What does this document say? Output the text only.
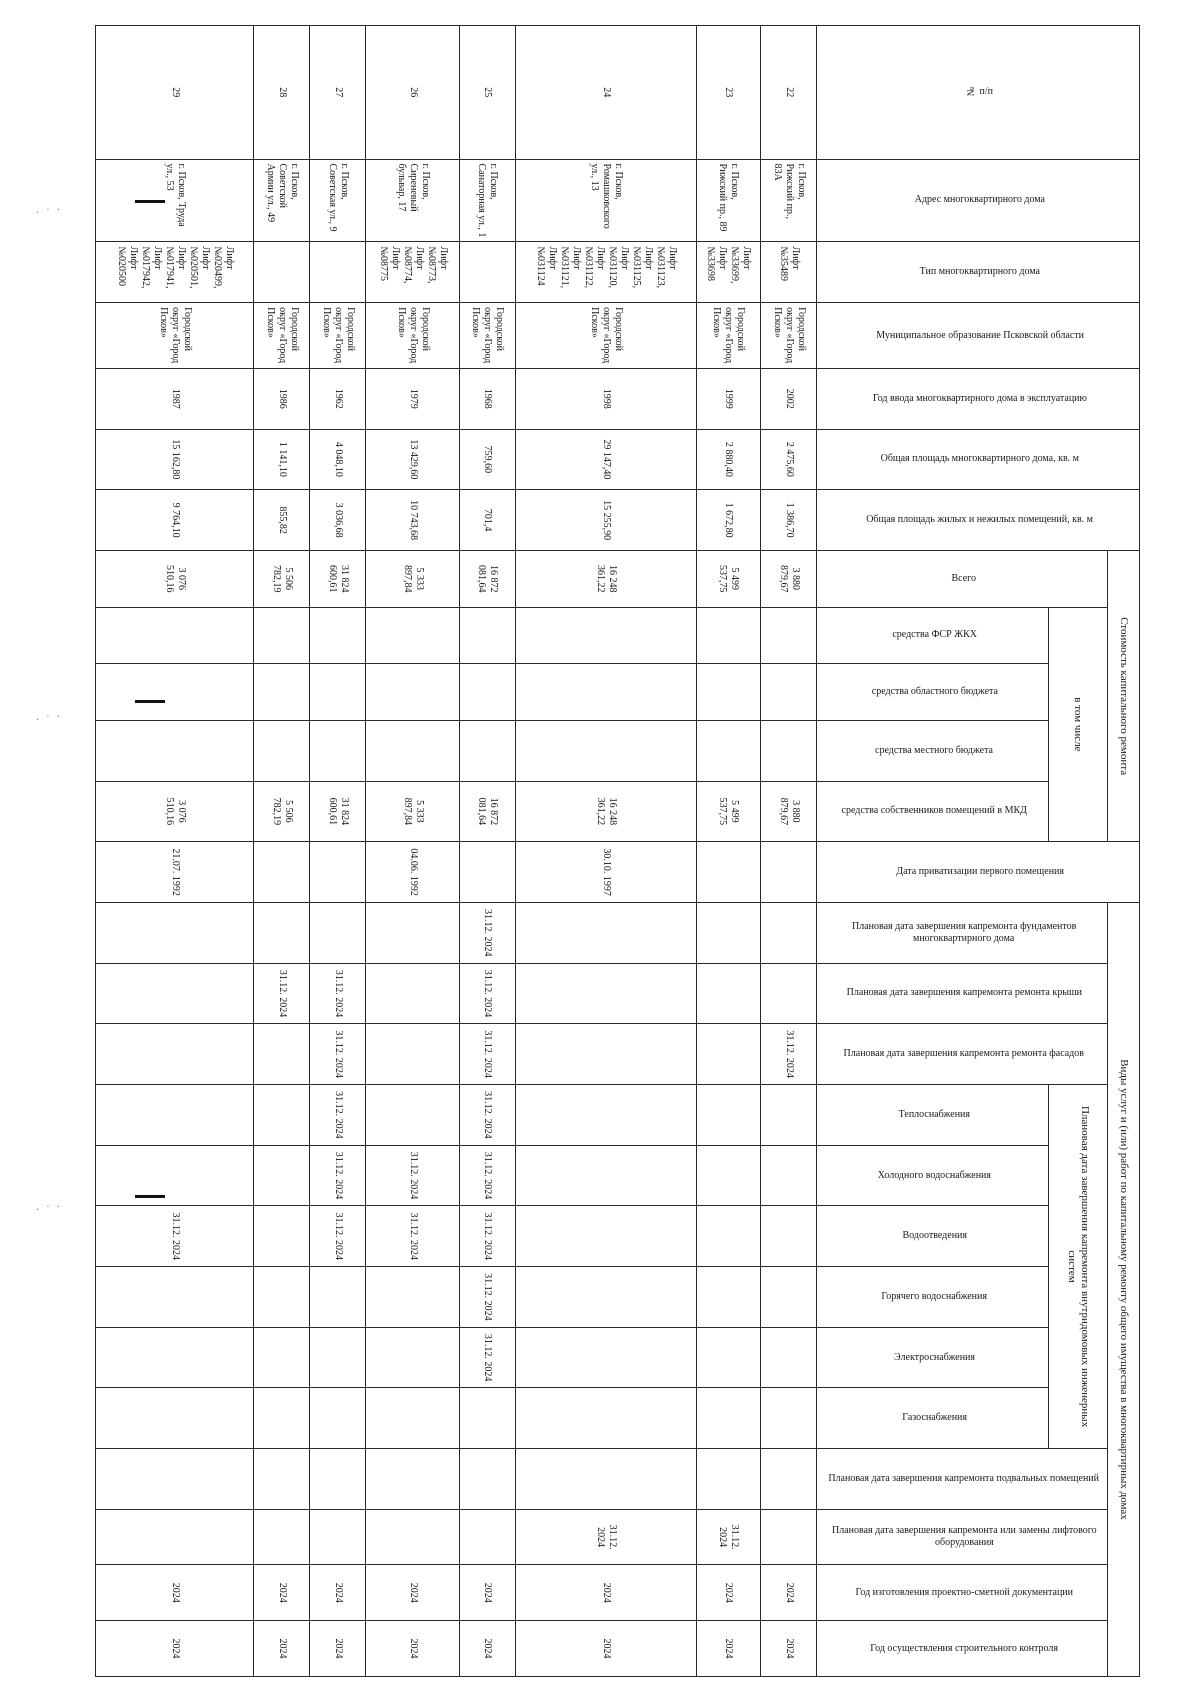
№ п/п	Адрес многоквартирного дома	Тип многоквартирного дома	Муниципальное образование Псковской области	Год ввода многоквартирного дома в эксплуатацию	Общая площадь многоквартирного дома, кв. м	Общая площадь жилых и нежилых помещений, кв. м	Стоимость капитального ремонта					Дата приватизации первого помещения	Виды услуг и (или) работ по капитальному ремонту общего имущества в многоквартирных домах												
							Всего	в том числе					Плановая дата завершения капремонта фундаментов многоквартирного дома	Плановая дата завершения капремонта ремонта крыши	Плановая дата завершения капремонта ремонта фасадов	Плановая дата завершения капремонта внутридомовых инженерных систем						Плановая дата завершения капремонта подвальных помещений	Плановая дата завершения капремонта или замены лифтового оборудования	Год изготовления проектно-сметной документации	Год осуществления строительного контроля
								средства ФСР ЖКХ	средства областного бюджета	средства местного бюджета	средства собственников помещений в МКД					Теплоснабжения	Холодного водоснабжения	Водоотведения	Горячего водоснабжения	Электроснабжения	Газоснабжения				
22	г. Псков, Рижский пр., 83А	Лифт №35489	Городской округ «Город Псков»	2002	2 475,60	1 386,70	3 880 879,67				3 880 879,67				31.12. 2024									2024	2024
23	г. Псков, Рижский пр., 89	Лифт №33699, Лифт №33698	Городской округ «Город Псков»	1999	2 880,40	1 672,80	5 499 537,75				5 499 537,75												31.12. 2024	2024	2024
24	г. Псков, Ромашковского ул., 13	Лифт №031123, Лифт №031125, Лифт №031120, Лифт №031122, Лифт №031121, Лифт №031124	Городской округ «Город Псков»	1998	29 147,40	15 255,90	16 248 361,22				16 248 361,22	30.10. 1997											31.12. 2024	2024	2024
25	г. Псков, Санаторная ул., 1		Городской округ «Город Псков»	1968	759,60	701,4	16 872 081,64				16 872 081,64		31.12. 2024	31.12. 2024	31.12. 2024	31.12. 2024	31.12. 2024	31.12. 2024	31.12. 2024	31.12. 2024				2024	2024
26	г. Псков, Сиреневый бульвар, 17	Лифт №08773, Лифт №08774, Лифт №08775	Городской округ «Город Псков»	1979	13 429,60	10 743,68	5 333 897,84				5 333 897,84	04.06. 1992					31.12. 2024	31.12. 2024						2024	2024
27	г. Псков, Советская ул., 9		Городской округ «Город Псков»	1962	4 048,10	3 036,68	31 824 600,61				31 824 600,61			31.12. 2024	31.12. 2024	31.12. 2024	31.12. 2024	31.12. 2024						2024	2024
28	г. Псков, Советской Армии ул., 49		Городской округ «Город Псков»	1986	1 141,10	855,82	5 506 782,19				5 506 782,19			31.12. 2024										2024	2024
29	г. Псков, Труда ул., 53	Лифт №020499, Лифт №020501, Лифт №017941, Лифт №017942, Лифт №020500	Городской округ «Город Псков»	1987	15 162,80	9 764,10	3 076 510,16				3 076 510,16	21.07. 1992						31.12. 2024						2024	2024
. · ·
. · ·
. · ·
